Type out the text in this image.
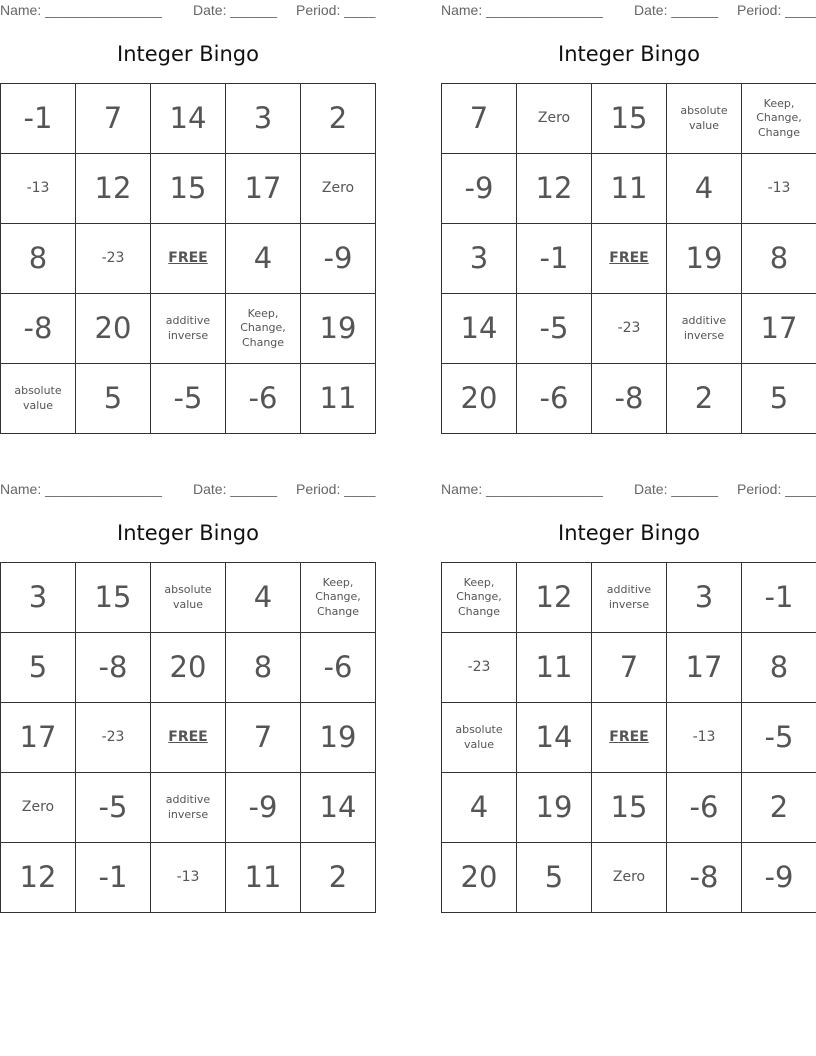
Name: _______________ Date: ______ Period: ____
Integer Bingo
-1	7	14	3	2
-13	12	15	17	Zero
8	-23	FREE	4	-9
-8	20	additive inverse	Keep, Change, Change	19
absolute value	5	-5	-6	11
Name: _______________ Date: ______ Period: ____
Integer Bingo
7	Zero	15	absolute value	Keep, Change, Change
-9	12	11	4	-13
3	-1	FREE	19	8
14	-5	-23	additive inverse	17
20	-6	-8	2	5
Name: _______________ Date: ______ Period: ____
Integer Bingo
3	15	absolute value	4	Keep, Change, Change
5	-8	20	8	-6
17	-23	FREE	7	19
Zero	-5	additive inverse	-9	14
12	-1	-13	11	2
Name: _______________ Date: ______ Period: ____
Integer Bingo
Keep, Change, Change	12	additive inverse	3	-1
-23	11	7	17	8
absolute value	14	FREE	-13	-5
4	19	15	-6	2
20	5	Zero	-8	-9
